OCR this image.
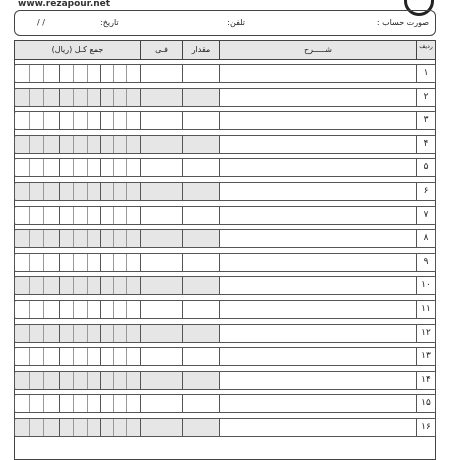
www.rezapour.net
صورت حساب :
تلفن:
تاریخ:
/ /
جمع کـل (ریال)	فـی	مقدار	شـــــرح	ردیف
۱
۲
۳
۴
۵
۶
۷
۸
۹
۱۰
۱۱
۱۲
۱۳
۱۴
۱۵
۱۶
